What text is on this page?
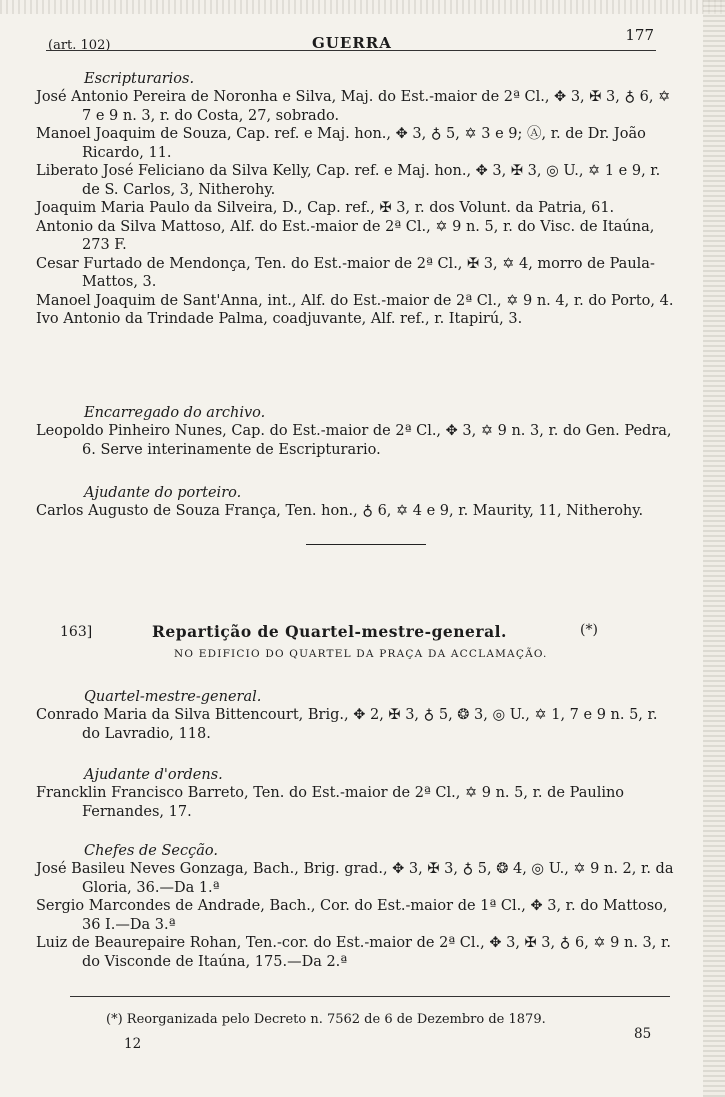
(art. 102)	GUERRA	177

Escripturarios.

José Antonio Pereira de Noronha e Silva, Maj. do Est.-maior de 2ª Cl., ✥ 3, ✠ 3, ♁ 6, ✡ 7 e 9 n. 3, r. do Costa, 27, sobrado.

Manoel Joaquim de Souza, Cap. ref. e Maj. hon., ✥ 3, ♁ 5, ✡ 3 e 9; Ⓐ, r. de Dr. João Ricardo, 11.

Liberato José Feliciano da Silva Kelly, Cap. ref. e Maj. hon., ✥ 3, ✠ 3, ◎ U., ✡ 1 e 9, r. de S. Carlos, 3, Nitherohy.

Joaquim Maria Paulo da Silveira, D., Cap. ref., ✠ 3, r. dos Volunt. da Patria, 61.

Antonio da Silva Mattoso, Alf. do Est.-maior de 2ª Cl., ✡ 9 n. 5, r. do Visc. de Itaúna, 273 F.

Cesar Furtado de Mendonça, Ten. do Est.-maior de 2ª Cl., ✠ 3, ✡ 4, morro de Paula-Mattos, 3.

Manoel Joaquim de Sant'Anna, int., Alf. do Est.-maior de 2ª Cl., ✡ 9 n. 4, r. do Porto, 4.

Ivo Antonio da Trindade Palma, coadjuvante, Alf. ref., r. Itapirú, 3.

Encarregado do archivo.

Leopoldo Pinheiro Nunes, Cap. do Est.-maior de 2ª Cl., ✥ 3, ✡ 9 n. 3, r. do Gen. Pedra, 6. Serve interinamente de Escripturario.

Ajudante do porteiro.

Carlos Augusto de Souza França, Ten. hon., ♁ 6, ✡ 4 e 9, r. Maurity, 11, Nitherohy.

163]	Repartição de Quartel-mestre-general.	(*)
NO EDIFICIO DO QUARTEL DA PRAÇA DA ACCLAMAÇÃO.

Quartel-mestre-general.

Conrado Maria da Silva Bittencourt, Brig., ✥ 2, ✠ 3, ♁ 5, ❂ 3, ◎ U., ✡ 1, 7 e 9 n. 5, r. do Lavradio, 118.

Ajudante d'ordens.

Francklin Francisco Barreto, Ten. do Est.-maior de 2ª Cl., ✡ 9 n. 5, r. de Paulino Fernandes, 17.

Chefes de Secção.

José Basileu Neves Gonzaga, Bach., Brig. grad., ✥ 3, ✠ 3, ♁ 5, ❂ 4, ◎ U., ✡ 9 n. 2, r. da Gloria, 36.—Da 1.ª

Sergio Marcondes de Andrade, Bach., Cor. do Est.-maior de 1ª Cl., ✥ 3, r. do Mattoso, 36 I.—Da 3.ª

Luiz de Beaurepaire Rohan, Ten.-cor. do Est.-maior de 2ª Cl., ✥ 3, ✠ 3, ♁ 6, ✡ 9 n. 3, r. do Visconde de Itaúna, 175.—Da 2.ª

(*) Reorganizada pelo Decreto n. 7562 de 6 de Dezembro de 1879.
12
85
